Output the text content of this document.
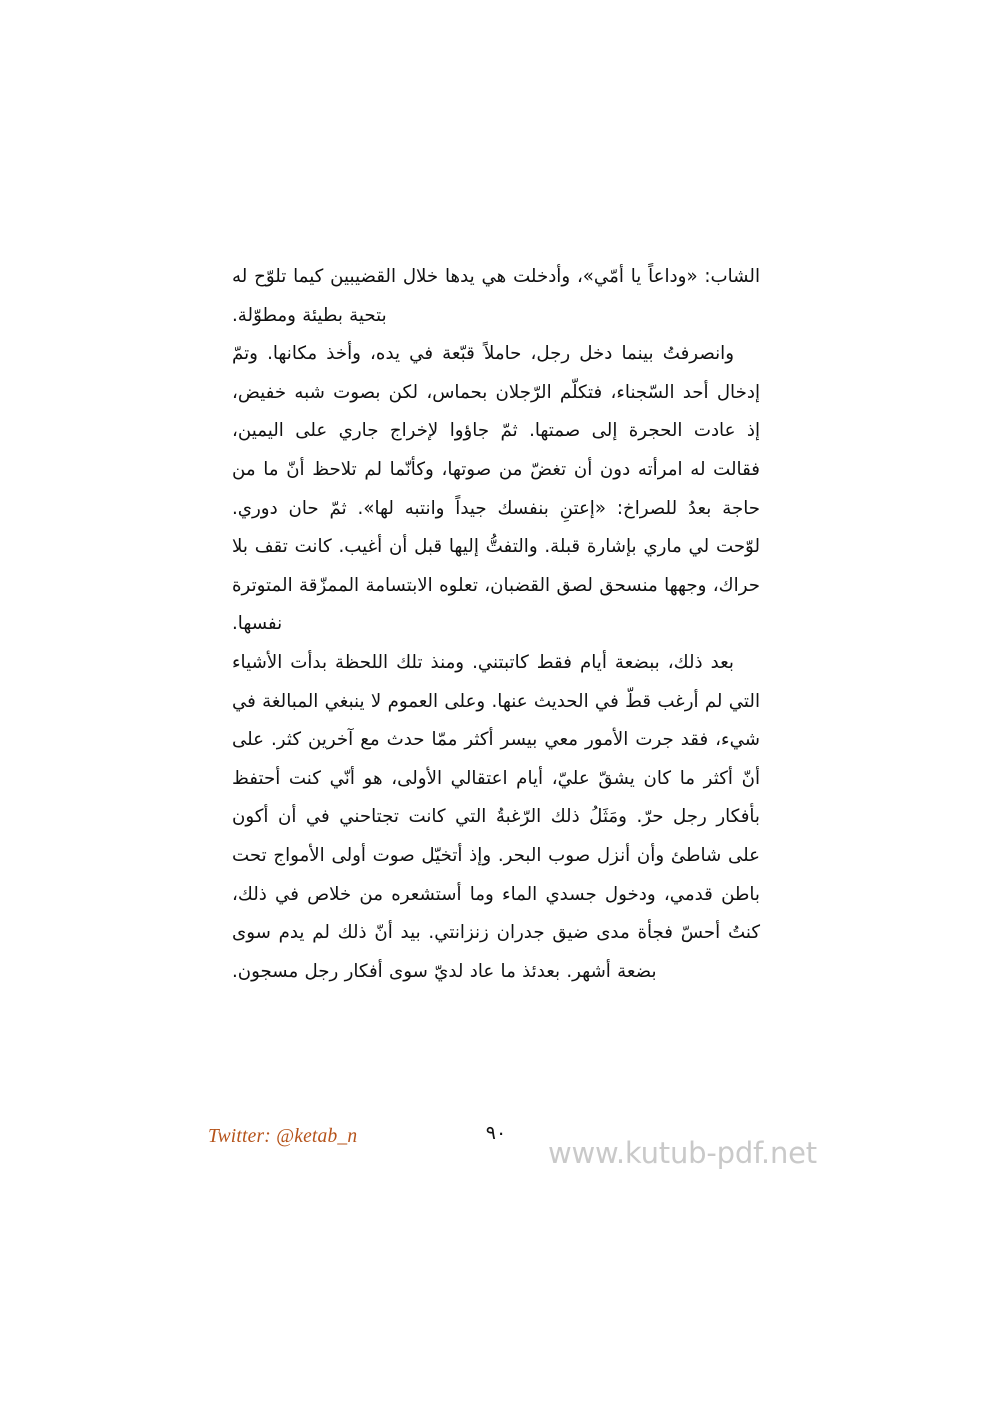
الشاب: «وداعاً يا أمّي»، وأدخلت هي يدها خلال القضيبين كيما تلوّح له بتحية بطيئة ومطوّلة.

وانصرفتُ بينما دخل رجل، حاملاً قبّعة في يده، وأخذ مكانها. وتمّ إدخال أحد السّجناء، فتكلّم الرّجلان بحماس، لكن بصوت شبه خفيض، إذ عادت الحجرة إلى صمتها. ثمّ جاؤوا لإخراج جاري على اليمين، فقالت له امرأته دون أن تغضّ من صوتها، وكأنّما لم تلاحظ أنّ ما من حاجة بعدُ للصراخ: «إعتنِ بنفسك جيداً وانتبه لها». ثمّ حان دوري. لوّحت لي ماري بإشارة قبلة. والتفتُّ إليها قبل أن أغيب. كانت تقف بلا حراك، وجهها منسحق لصق القضبان، تعلوه الابتسامة الممزّقة المتوترة نفسها.

بعد ذلك، ببضعة أيام فقط كاتبتني. ومنذ تلك اللحظة بدأت الأشياء التي لم أرغب قطّ في الحديث عنها. وعلى العموم لا ينبغي المبالغة في شيء، فقد جرت الأمور معي بيسر أكثر ممّا حدث مع آخرين كثر. على أنّ أكثر ما كان يشقّ عليّ، أيام اعتقالي الأولى، هو أنّي كنت أحتفظ بأفكار رجل حرّ. ومَثَلُ ذلك الرّغبةُ التي كانت تجتاحني في أن أكون على شاطئ وأن أنزل صوب البحر. وإذ أتخيّل صوت أولى الأمواج تحت باطن قدمي، ودخول جسدي الماء وما أستشعره من خلاص في ذلك، كنتُ أحسّ فجأة مدى ضيق جدران زنزانتي. بيد أنّ ذلك لم يدم سوى بضعة أشهر. بعدئذ ما عاد لديّ سوى أفكار رجل مسجون.

Twitter: @ketab_n	٩٠
www.kutub-pdf.net
